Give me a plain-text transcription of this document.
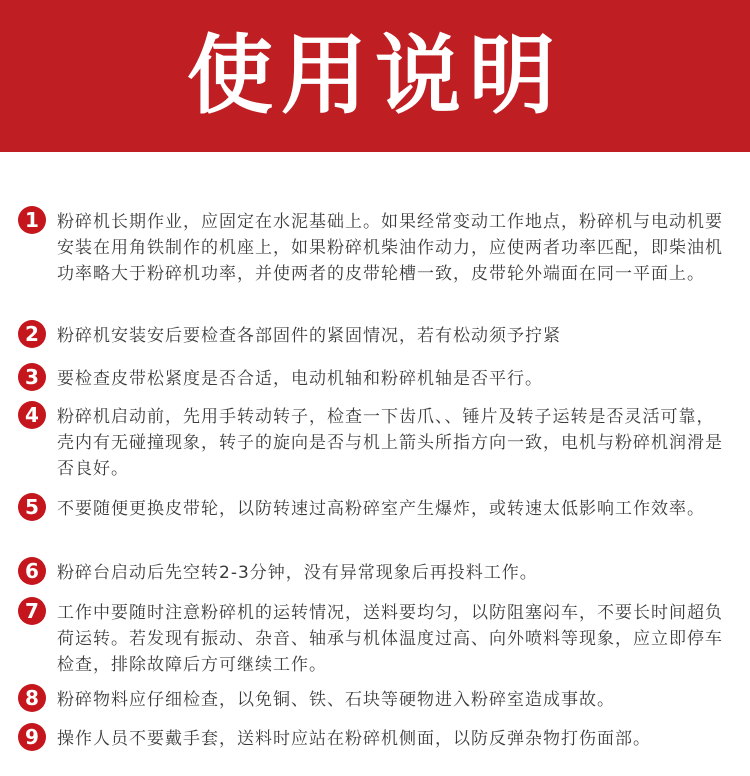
使用说明
1	粉碎机长期作业，应固定在水泥基础上。如果经常变动工作地点，粉碎机与电动机要安装在用角铁制作的机座上，如果粉碎机柴油作动力，应使两者功率匹配，即柴油机功率略大于粉碎机功率，并使两者的皮带轮槽一致，皮带轮外端面在同一平面上。
2	粉碎机安装安后要检查各部固件的紧固情况，若有松动须予拧紧
3	要检查皮带松紧度是否合适，电动机轴和粉碎机轴是否平行。
4	粉碎机启动前，先用手转动转子，检查一下齿爪、、锤片及转子运转是否灵活可靠，壳内有无碰撞现象，转子的旋向是否与机上箭头所指方向一致，电机与粉碎机润滑是否良好。
5	不要随便更换皮带轮，以防转速过高粉碎室产生爆炸，或转速太低影响工作效率。
6	粉碎台启动后先空转2-3分钟，没有异常现象后再投料工作。
7	工作中要随时注意粉碎机的运转情况，送料要均匀，以防阻塞闷车，不要长时间超负荷运转。若发现有振动、杂音、轴承与机体温度过高、向外喷料等现象，应立即停车检查，排除故障后方可继续工作。
8	粉碎物料应仔细检查，以免铜、铁、石块等硬物进入粉碎室造成事故。
9	操作人员不要戴手套，送料时应站在粉碎机侧面，以防反弹杂物打伤面部。
